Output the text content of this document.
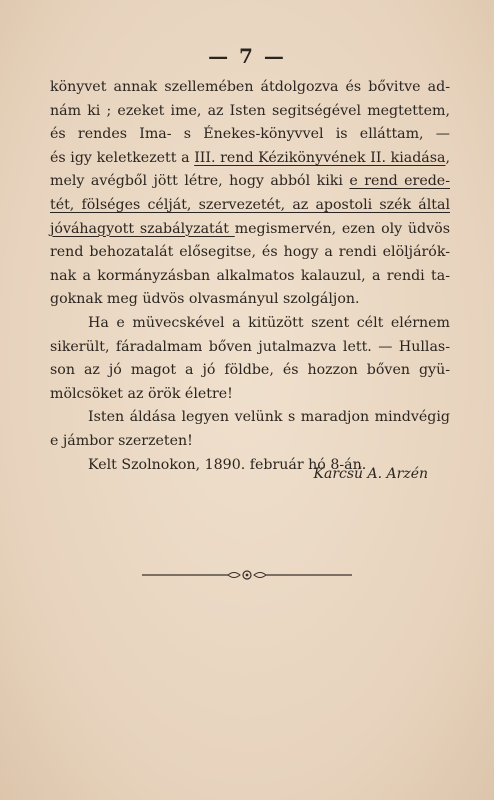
— 7 —
könyvet annak szellemében átdolgozva és bővitve ad-
nám ki ; ezeket ime, az Isten segitségével megtettem,
és rendes Ima- s Énekes-könyvvel is elláttam, —
és igy keletkezett a III. rend Kézikönyvének II. kiadása,
mely avégből jött létre, hogy abból kiki e rend erede-
tét, fölséges célját, szervezetét, az apostoli szék által
jóváhagyott szabályzatát megismervén, ezen oly üdvös
rend behozatalát elősegitse, és hogy a rendi elöljárók-
nak a kormányzásban alkalmatos kalauzul, a rendi ta-
goknak meg üdvös olvasmányul szolgáljon.
Ha e müvecskével a kitüzött szent célt elérnem
sikerült, fáradalmam bőven jutalmazva lett. — Hullas-
son az jó magot a jó földbe, és hozzon bőven gyü-
mölcsöket az örök életre!
Isten áldása legyen velünk s maradjon mindvégig
e jámbor szerzeten!
Kelt Szolnokon, 1890. február hó 8-án.
Karcsú A. Arzén
